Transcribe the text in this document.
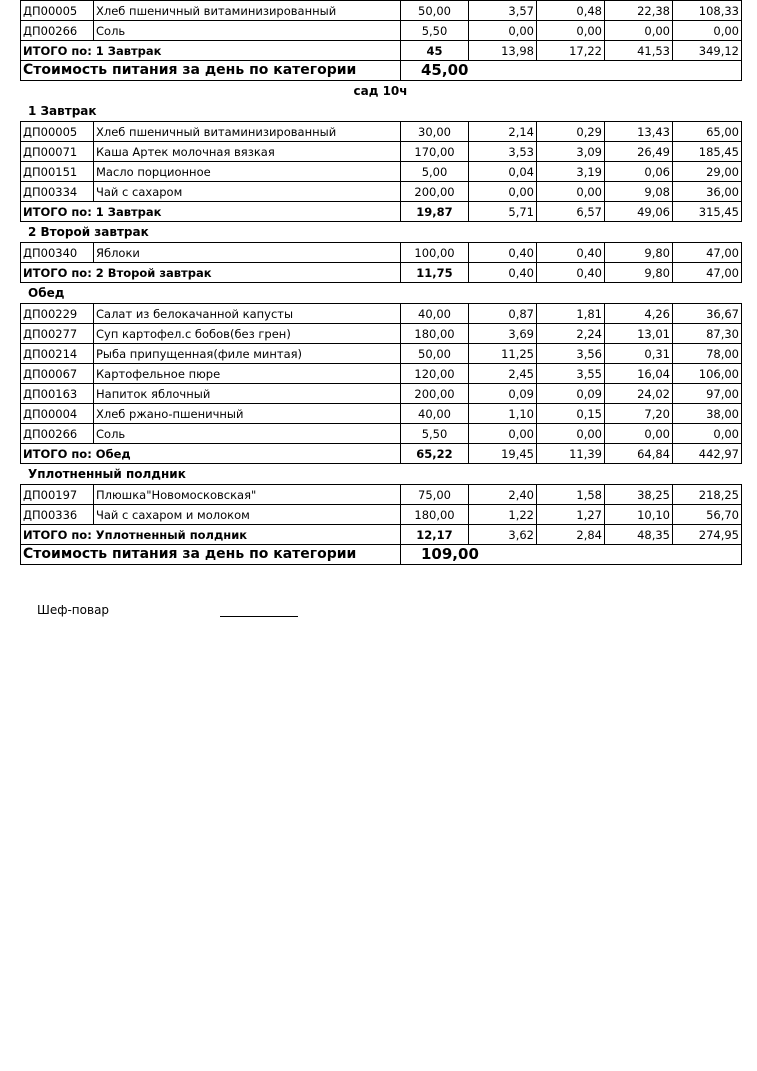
ДП00005	Хлеб пшеничный витаминизированный	50,00	3,57	0,48	22,38	108,33
ДП00266	Соль	5,50	0,00	0,00	0,00	0,00
ИТОГО по: 1 Завтрак		45	13,98	17,22	41,53	349,12
Стоимость питания за день по категории		45,00				
сад 10ч
1 Завтрак
ДП00005	Хлеб пшеничный витаминизированный	30,00	2,14	0,29	13,43	65,00
ДП00071	Каша Артек молочная вязкая	170,00	3,53	3,09	26,49	185,45
ДП00151	Масло порционное	5,00	0,04	3,19	0,06	29,00
ДП00334	Чай с сахаром	200,00	0,00	0,00	9,08	36,00
ИТОГО по: 1 Завтрак		19,87	5,71	6,57	49,06	315,45
2 Второй завтрак
ДП00340	Яблоки	100,00	0,40	0,40	9,80	47,00
ИТОГО по: 2 Второй завтрак		11,75	0,40	0,40	9,80	47,00
Обед
ДП00229	Салат из белокачанной капусты	40,00	0,87	1,81	4,26	36,67
ДП00277	Суп картофел.с бобов(без грен)	180,00	3,69	2,24	13,01	87,30
ДП00214	Рыба припущенная(филе минтая)	50,00	11,25	3,56	0,31	78,00
ДП00067	Картофельное пюре	120,00	2,45	3,55	16,04	106,00
ДП00163	Напиток яблочный	200,00	0,09	0,09	24,02	97,00
ДП00004	Хлеб ржано-пшеничный	40,00	1,10	0,15	7,20	38,00
ДП00266	Соль	5,50	0,00	0,00	0,00	0,00
ИТОГО по: Обед		65,22	19,45	11,39	64,84	442,97
Уплотненный полдник
ДП00197	Плюшка"Новомосковская"	75,00	2,40	1,58	38,25	218,25
ДП00336	Чай с сахаром и молоком	180,00	1,22	1,27	10,10	56,70
ИТОГО по: Уплотненный полдник		12,17	3,62	2,84	48,35	274,95
Стоимость питания за день по категории		109,00				
Шеф-повар
